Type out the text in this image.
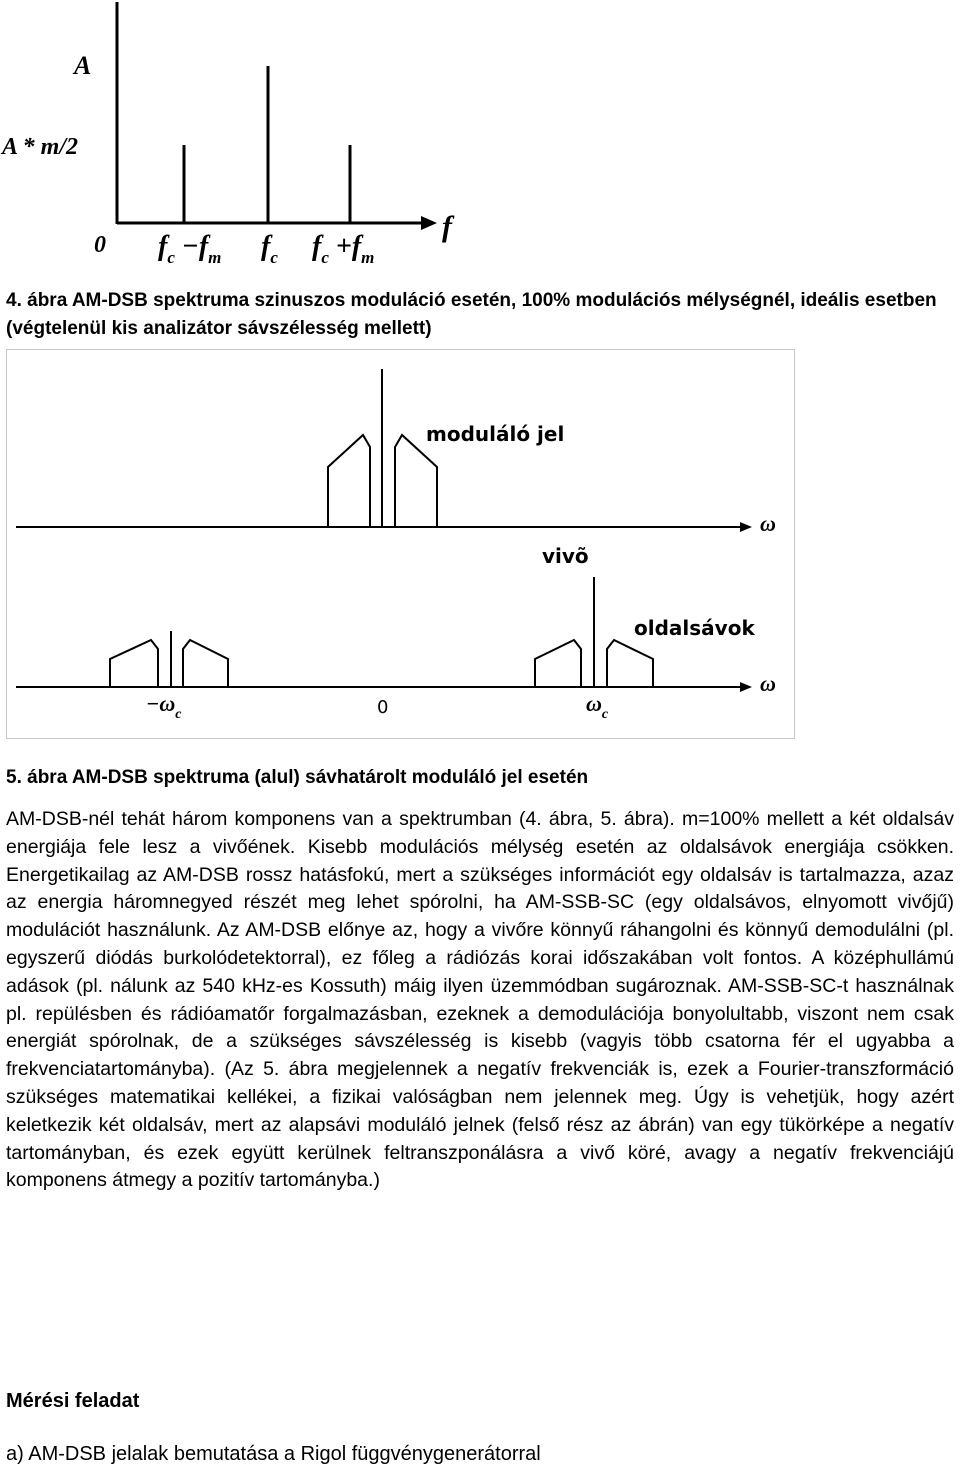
A
A * m/2
f
0 $f_c -f_m$ $f_c$ $f_c +f_m$
4. ábra AM-DSB spektruma szinuszos moduláció esetén, 100% modulációs mélységnél, ideális esetben (végtelenül kis analizátor sávszélesség mellett)
ω
moduláló jel
ω
vivõ
oldalsávok
$-\omega_c$	0	$\omega_c$
5. ábra AM-DSB spektruma (alul) sávhatárolt moduláló jel esetén
AM-DSB-nél tehát három komponens van a spektrumban (4. ábra, 5. ábra). m=100% mellett a két oldalsáv energiája fele lesz a vivőének. Kisebb modulációs mélység esetén az oldalsávok energiája csökken. Energetikailag az AM-DSB rossz hatásfokú, mert a szükséges információt egy oldalsáv is tartalmazza, azaz az energia háromnegyed részét meg lehet spórolni, ha AM-SSB-SC (egy oldalsávos, elnyomott vivőjű) modulációt használunk. Az AM-DSB előnye az, hogy a vivőre könnyű ráhangolni és könnyű demodulálni (pl. egyszerű diódás burkolódetektorral), ez főleg a rádiózás korai időszakában volt fontos. A középhullámú adások (pl. nálunk az 540 kHz-es Kossuth) máig ilyen üzemmódban sugároznak. AM-SSB-SC-t használnak pl. repülésben és rádióamatőr forgalmazásban, ezeknek a demodulációja bonyolultabb, viszont nem csak energiát spórolnak, de a szükséges sávszélesség is kisebb (vagyis több csatorna fér el ugyabba a frekvenciatartományba). (Az 5. ábra megjelennek a negatív frekvenciák is, ezek a Fourier-transzformáció szükséges matematikai kellékei, a fizikai valóságban nem jelennek meg. Úgy is vehetjük, hogy azért keletkezik két oldalsáv, mert az alapsávi moduláló jelnek (felső rész az ábrán) van egy tükörképe a negatív tartományban, és ezek együtt kerülnek feltranszponálásra a vivő köré, avagy a negatív frekvenciájú komponens átmegy a pozitív tartományba.)
Mérési feladat
a) AM-DSB jelalak bemutatása a Rigol függvénygenerátorral
